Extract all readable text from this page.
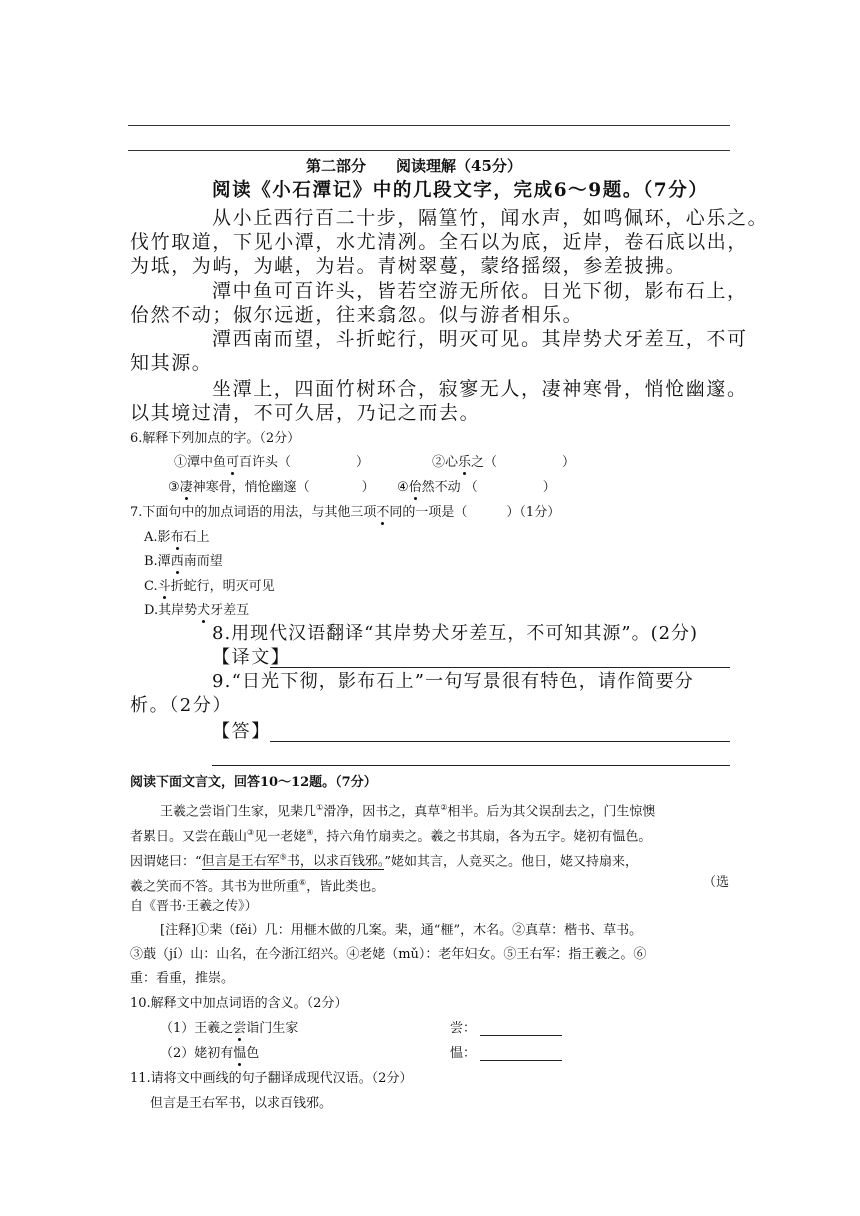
第二部分　　阅读理解（45分）
阅读《小石潭记》中的几段文字，完成6～9题。（7分）
从小丘西行百二十步，隔篁竹，闻水声，如鸣佩环，心乐之。
伐竹取道，下见小潭，水尤清冽。全石以为底，近岸，卷石底以出，
为坻，为屿，为嵁，为岩。青树翠蔓，蒙络摇缀，参差披拂。
潭中鱼可百许头，皆若空游无所依。日光下彻，影布石上，
佁然不动；俶尔远逝，往来翕忽。似与游者相乐。
潭西南而望，斗折蛇行，明灭可见。其岸势犬牙差互，不可
知其源。
坐潭上，四面竹树环合，寂寥无人，凄神寒骨，悄怆幽邃。
以其境过清，不可久居，乃记之而去。
6.解释下列加点的字。（2分）
①潭中鱼可百许头（　　　　　）	②心乐之（　　　　　）
③凄神寒骨，悄怆幽邃（　　　　） ④佁然不动 （　　　　　）
7.下面句中的加点词语的用法，与其他三项不同的一项是（　　　）（1分）
A.影布石上
B.潭西南而望
C.斗折蛇行，明灭可见
D.其岸势犬牙差互
8.用现代汉语翻译“其岸势犬牙差互，不可知其源”。(2分)
【译文】
9.“日光下彻，影布石上”一句写景很有特色，请作简要分
析。（2分）
【答】
阅读下面文言文，回答10～12题。（7分）
王羲之尝诣门生家，见棐几①滑净，因书之，真草②相半。后为其父误刮去之，门生惊懊
者累日。又尝在蕺山③见一老姥④，持六角竹扇卖之。羲之书其扇，各为五字。姥初有愠色。
因谓姥曰：“但言是王右军⑤书，以求百钱邪。”姥如其言，人竞买之。他日，姥又持扇来，
羲之笑而不答。其书为世所重⑥，皆此类也。	（选
自《晋书·王羲之传》）
[注释]①棐（fěi）几：用榧木做的几案。棐，通“榧”，木名。②真草：楷书、草书。
③蕺（jí）山：山名，在今浙江绍兴。④老姥（mǔ）：老年妇女。⑤王右军：指王羲之。⑥
重：看重，推崇。
10.解释文中加点词语的含义。（2分）
（1）王羲之尝诣门生家	尝：
（2）姥初有愠色	愠：
11.请将文中画线的句子翻译成现代汉语。（2分）
但言是王右军书，以求百钱邪。
